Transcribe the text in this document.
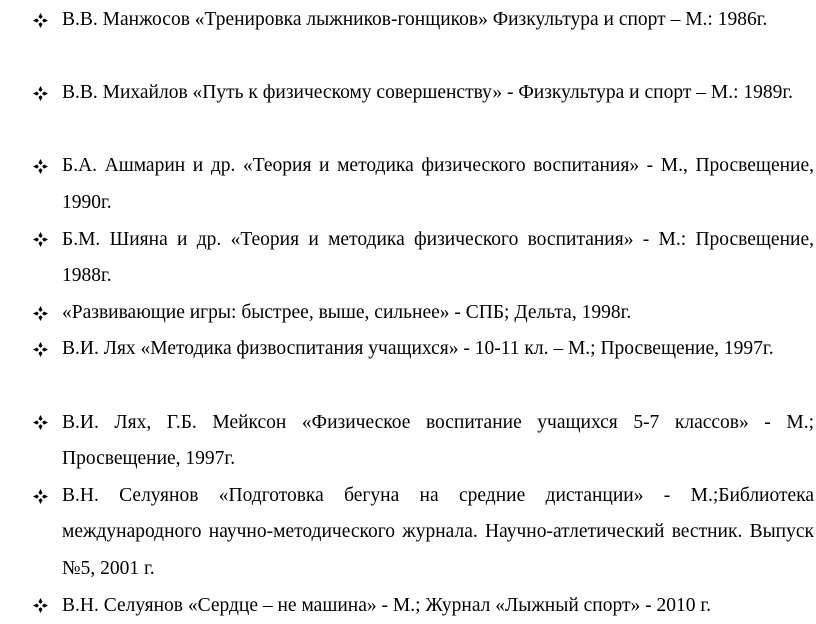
В.В. Манжосов «Тренировка лыжников-гонщиков» Физкультура и спорт – М.: 1986г.
В.В. Михайлов «Путь к физическому совершенству» - Физкультура и спорт – М.: 1989г.
Б.А. Ашмарин и др. «Теория и методика физического воспитания» - М., Просвещение, 1990г.
Б.М. Шияна и др. «Теория и методика физического воспитания» - М.: Просвещение, 1988г.
«Развивающие игры: быстрее, выше, сильнее» - СПБ; Дельта, 1998г.
В.И. Лях «Методика физвоспитания учащихся» - 10-11 кл. – М.; Просвещение, 1997г.
В.И. Лях, Г.Б. Мейксон «Физическое воспитание учащихся 5-7 классов» - М.; Просвещение, 1997г.
В.Н. Селуянов «Подготовка бегуна на средние дистанции» - М.;Библиотека международного научно-методического журнала. Научно-атлетический вестник. Выпуск №5, 2001 г.
В.Н. Селуянов «Сердце – не машина» - М.; Журнал «Лыжный спорт» - 2010 г.
